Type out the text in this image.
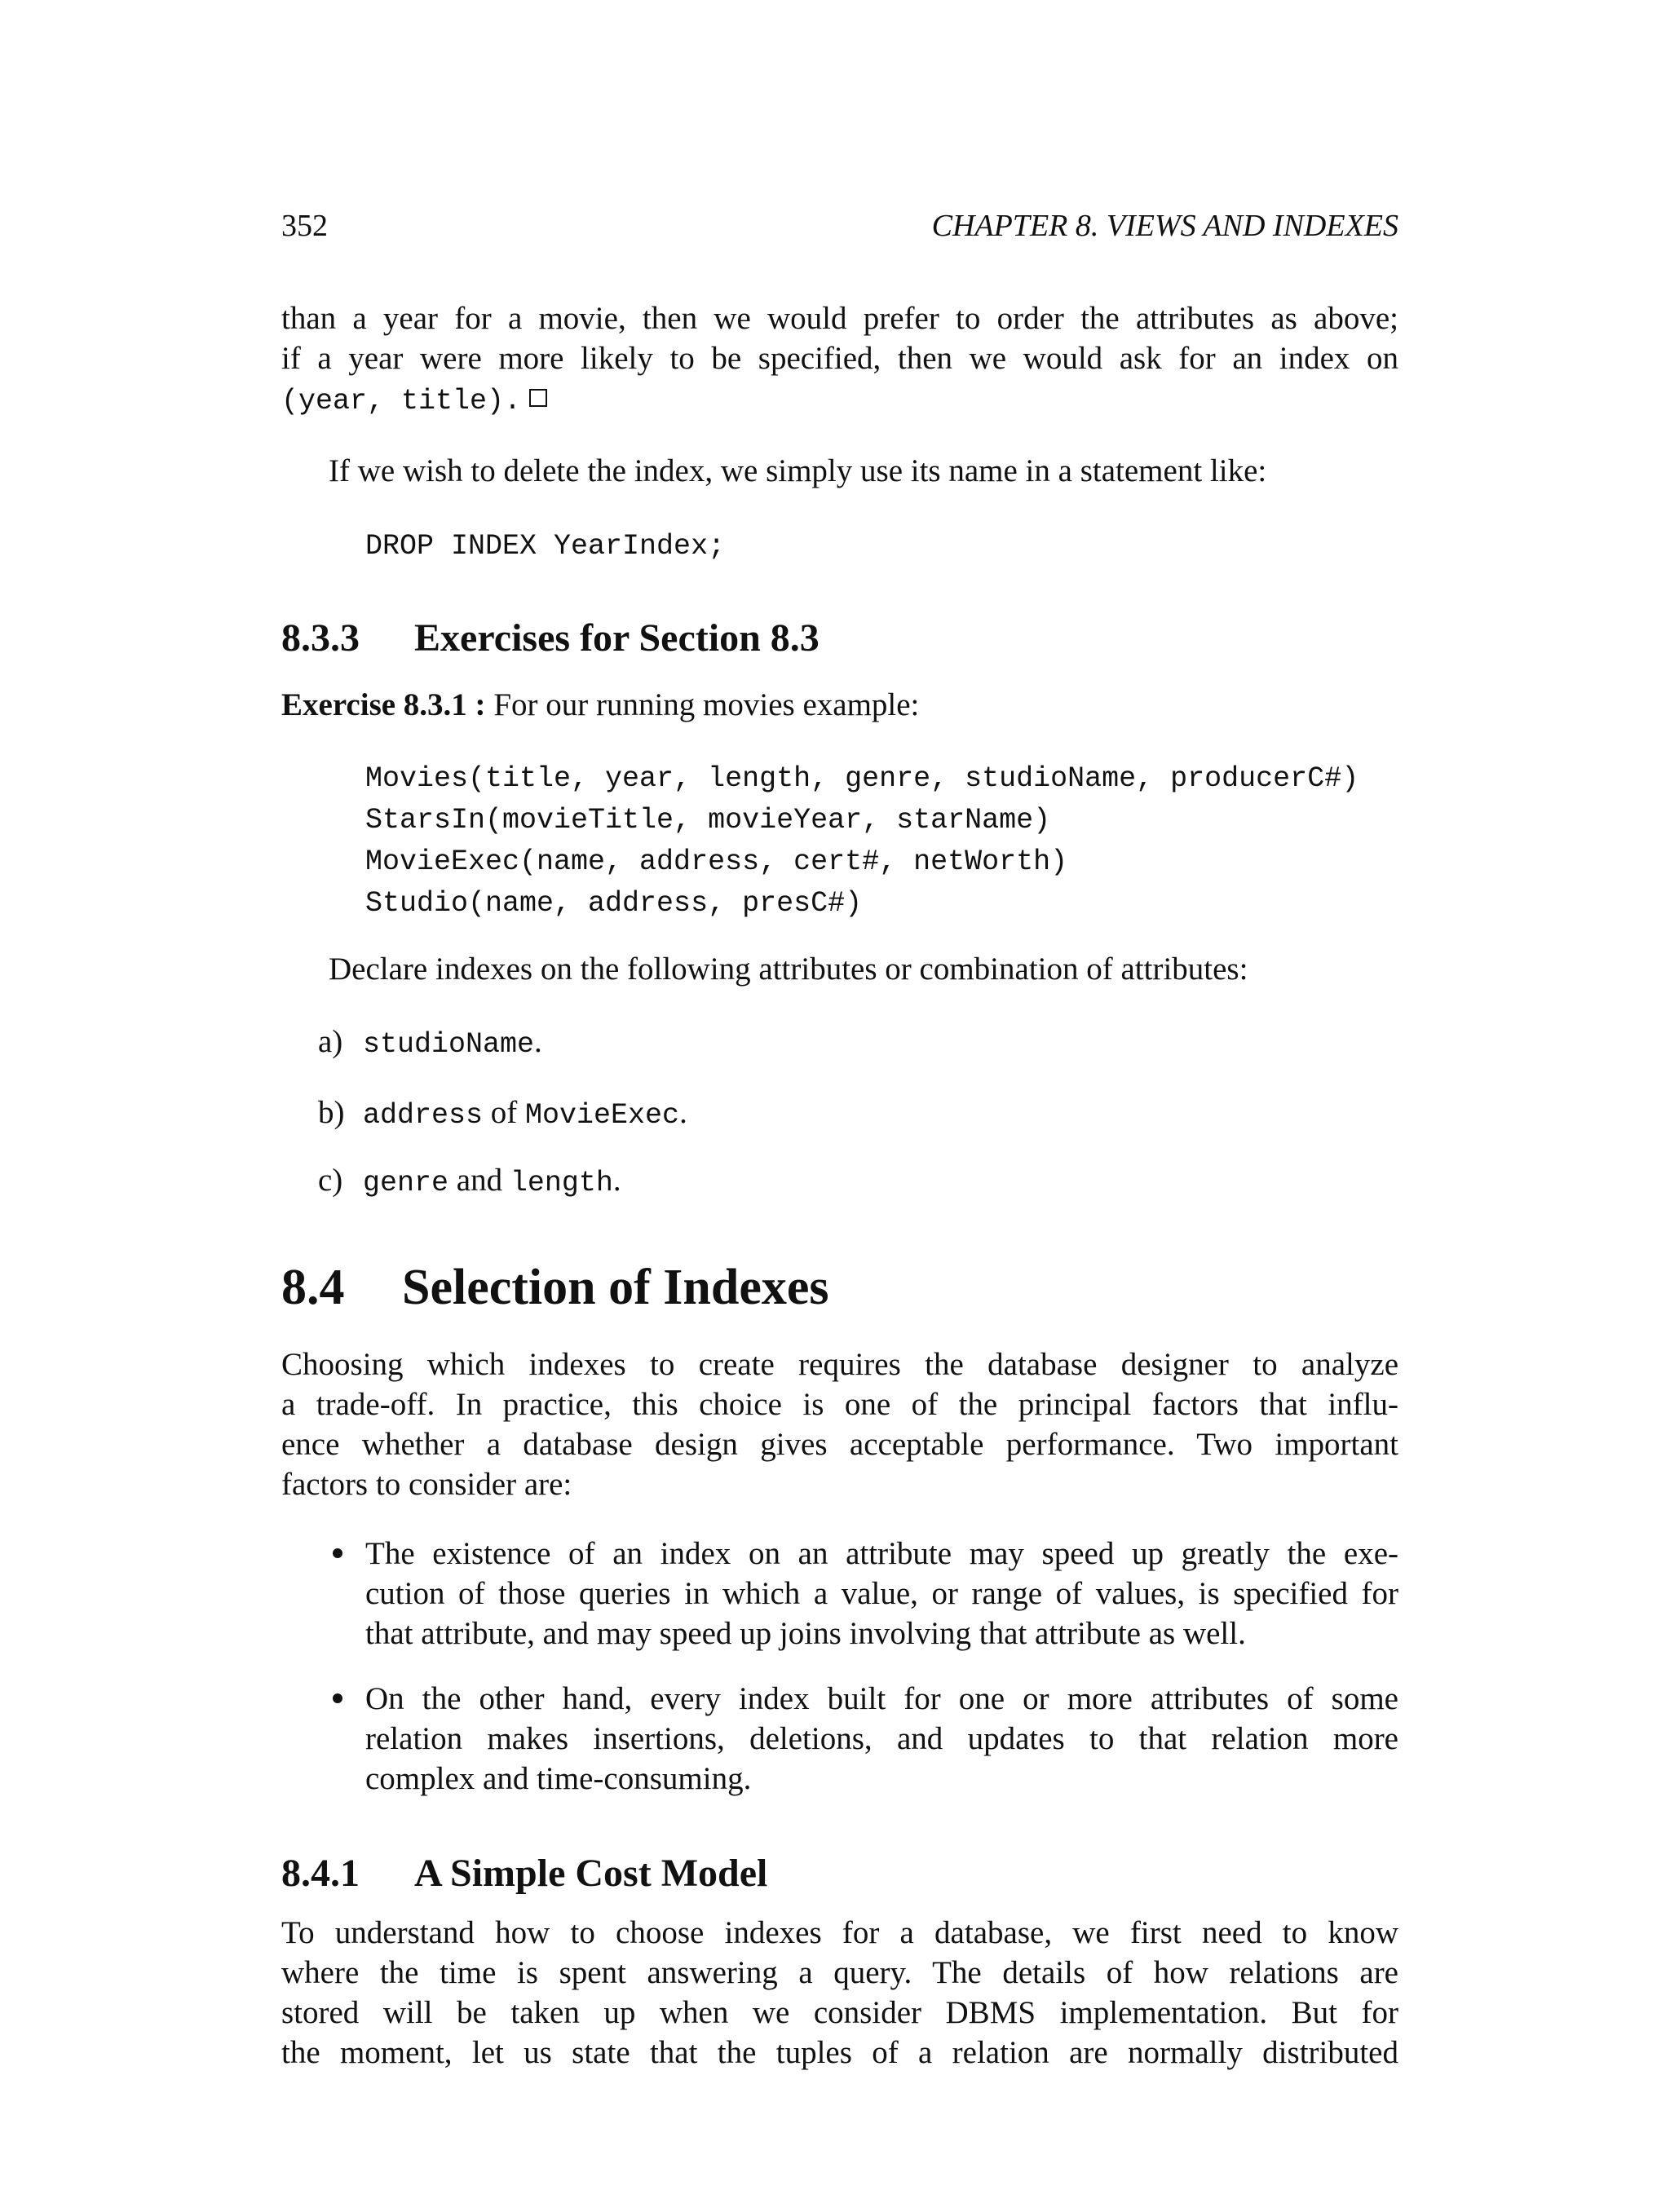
352	CHAPTER 8. VIEWS AND INDEXES

than a year for a movie, then we would prefer to order the attributes as above;

if a year were more likely to be specified, then we would ask for an index on

(year, title).

If we wish to delete the index, we simply use its name in a statement like:

DROP INDEX YearIndex;
8.3.3 Exercises for Section 8.3

Exercise 8.3.1 : For our running movies example:

Movies(title, year, length, genre, studioName, producerC#)
StarsIn(movieTitle, movieYear, starName)
MovieExec(name, address, cert#, netWorth)
Studio(name, address, presC#)

Declare indexes on the following attributes or combination of attributes:

a) studioName.
b) address of MovieExec.
c) genre and length.
8.4 Selection of Indexes

Choosing which indexes to create requires the database designer to analyze

a trade-off. In practice, this choice is one of the principal factors that influ-

ence whether a database design gives acceptable performance. Two important

factors to consider are:

The existence of an index on an attribute may speed up greatly the exe-

cution of those queries in which a value, or range of values, is specified for

that attribute, and may speed up joins involving that attribute as well.

On the other hand, every index built for one or more attributes of some

relation makes insertions, deletions, and updates to that relation more

complex and time-consuming.

8.4.1 A Simple Cost Model

To understand how to choose indexes for a database, we first need to know

where the time is spent answering a query. The details of how relations are

stored will be taken up when we consider DBMS implementation. But for

the moment, let us state that the tuples of a relation are normally distributed
